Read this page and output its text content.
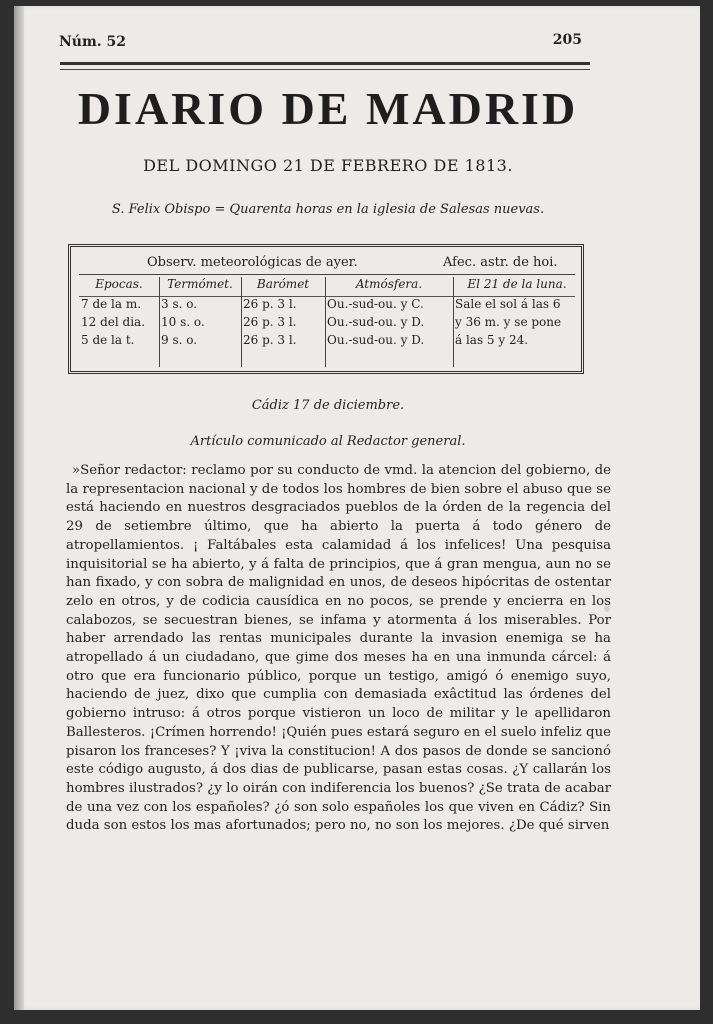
Núm. 52	205
DIARIO DE MADRID
DEL DOMINGO 21 DE FEBRERO DE 1813.
S. Felix Obispo = Quarenta horas en la iglesia de Salesas nuevas.
Observ. meteorológicas de ayer.	Afec. astr. de hoi.
Epocas.
7 de la m.
12 del dia.
5 de la t.
Termómet.
3 s. o.
10 s. o.
9 s. o.
Barómet
26 p. 3 l.
26 p. 3 l.
26 p. 3 l.
Atmósfera.
Ou.-sud-ou. y C.
Ou.-sud-ou. y D.
Ou.-sud-ou. y D.
El 21 de la luna.
Sale el sol á las 6
y 36 m. y se pone
á las 5 y 24.
Cádiz 17 de diciembre.
Artículo comunicado al Redactor general.

»Señor redactor: reclamo por su conducto de vmd. la atencion del gobierno, de la representacion nacional y de todos los hombres de bien sobre el abuso que se está haciendo en nuestros desgraciados pueblos de la órden de la regencia del 29 de setiembre último, que ha abierto la puerta á todo género de atropellamientos. ¡ Faltábales esta calamidad á los infelices! Una pesquisa inquisitorial se ha abierto, y á falta de principios, que á gran mengua, aun no se han fixado, y con sobra de malignidad en unos, de deseos hipócritas de ostentar zelo en otros, y de codicia causídica en no pocos, se prende y encierra en los calabozos, se secuestran bienes, se infama y atormenta á los miserables. Por haber arrendado las rentas municipales durante la invasion enemiga se ha atropellado á un ciudadano, que gime dos meses ha en una inmunda cárcel: á otro que era funcionario público, porque un testigo, amigó ó enemigo suyo, haciendo de juez, dixo que cumplia con demasiada exâctitud las órdenes del gobierno intruso: á otros porque vistieron un loco de militar y le apellidaron Ballesteros. ¡Crímen horrendo! ¡Quién pues estará seguro en el suelo infeliz que pisaron los franceses? Y ¡viva la constitucion! A dos pasos de donde se sancionó este código augusto, á dos dias de publicarse, pasan estas cosas. ¿Y callarán los hombres ilustrados? ¿y lo oirán con indiferencia los buenos? ¿Se trata de acabar de una vez con los españoles? ¿ó son solo españoles los que viven en Cádiz? Sin duda son estos los mas afortunados; pero no, no son los mejores. ¿De qué sirven
